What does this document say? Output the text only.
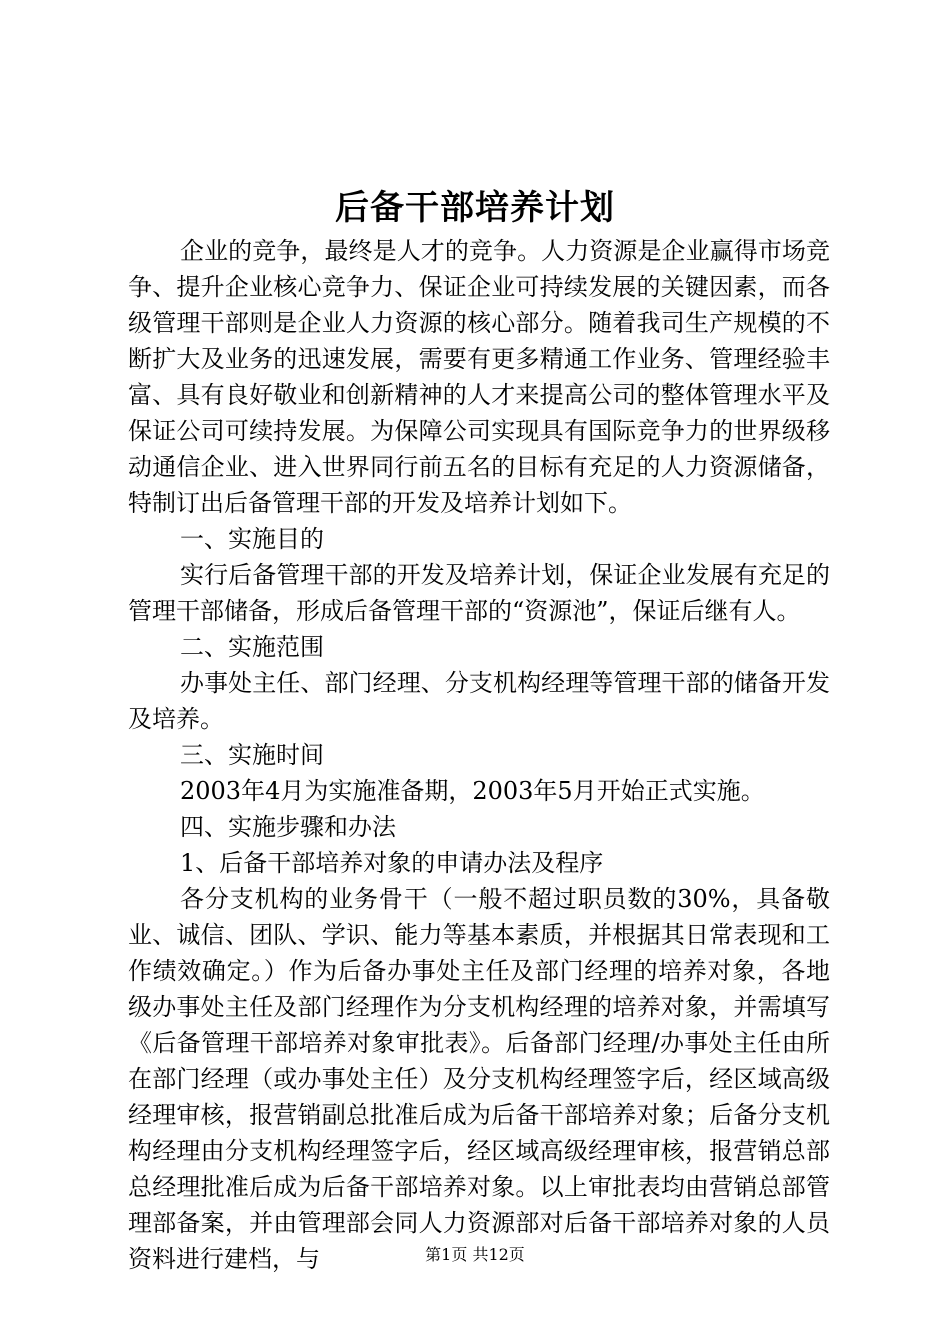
后备干部培养计划

企业的竞争，最终是人才的竞争。人力资源是企业赢得市场竞争、提升企业核心竞争力、保证企业可持续发展的关键因素，而各级管理干部则是企业人力资源的核心部分。随着我司生产规模的不断扩大及业务的迅速发展，需要有更多精通工作业务、管理经验丰富、具有良好敬业和创新精神的人才来提高公司的整体管理水平及保证公司可续持发展。为保障公司实现具有国际竞争力的世界级移动通信企业、进入世界同行前五名的目标有充足的人力资源储备，特制订出后备管理干部的开发及培养计划如下。

一、实施目的

实行后备管理干部的开发及培养计划，保证企业发展有充足的管理干部储备，形成后备管理干部的“资源池”，保证后继有人。

二、实施范围

办事处主任、部门经理、分支机构经理等管理干部的储备开发及培养。

三、实施时间

2003年4月为实施准备期，2003年5月开始正式实施。

四、实施步骤和办法

1、后备干部培养对象的申请办法及程序

各分支机构的业务骨干（一般不超过职员数的30%，具备敬业、诚信、团队、学识、能力等基本素质，并根据其日常表现和工作绩效确定。）作为后备办事处主任及部门经理的培养对象，各地级办事处主任及部门经理作为分支机构经理的培养对象，并需填写《后备管理干部培养对象审批表》。后备部门经理/办事处主任由所在部门经理（或办事处主任）及分支机构经理签字后，经区域高级经理审核，报营销副总批准后成为后备干部培养对象；后备分支机构经理由分支机构经理签字后，经区域高级经理审核，报营销总部总经理批准后成为后备干部培养对象。以上审批表均由营销总部管理部备案，并由管理部会同人力资源部对后备干部培养对象的人员资料进行建档，与	第1页 共12页
